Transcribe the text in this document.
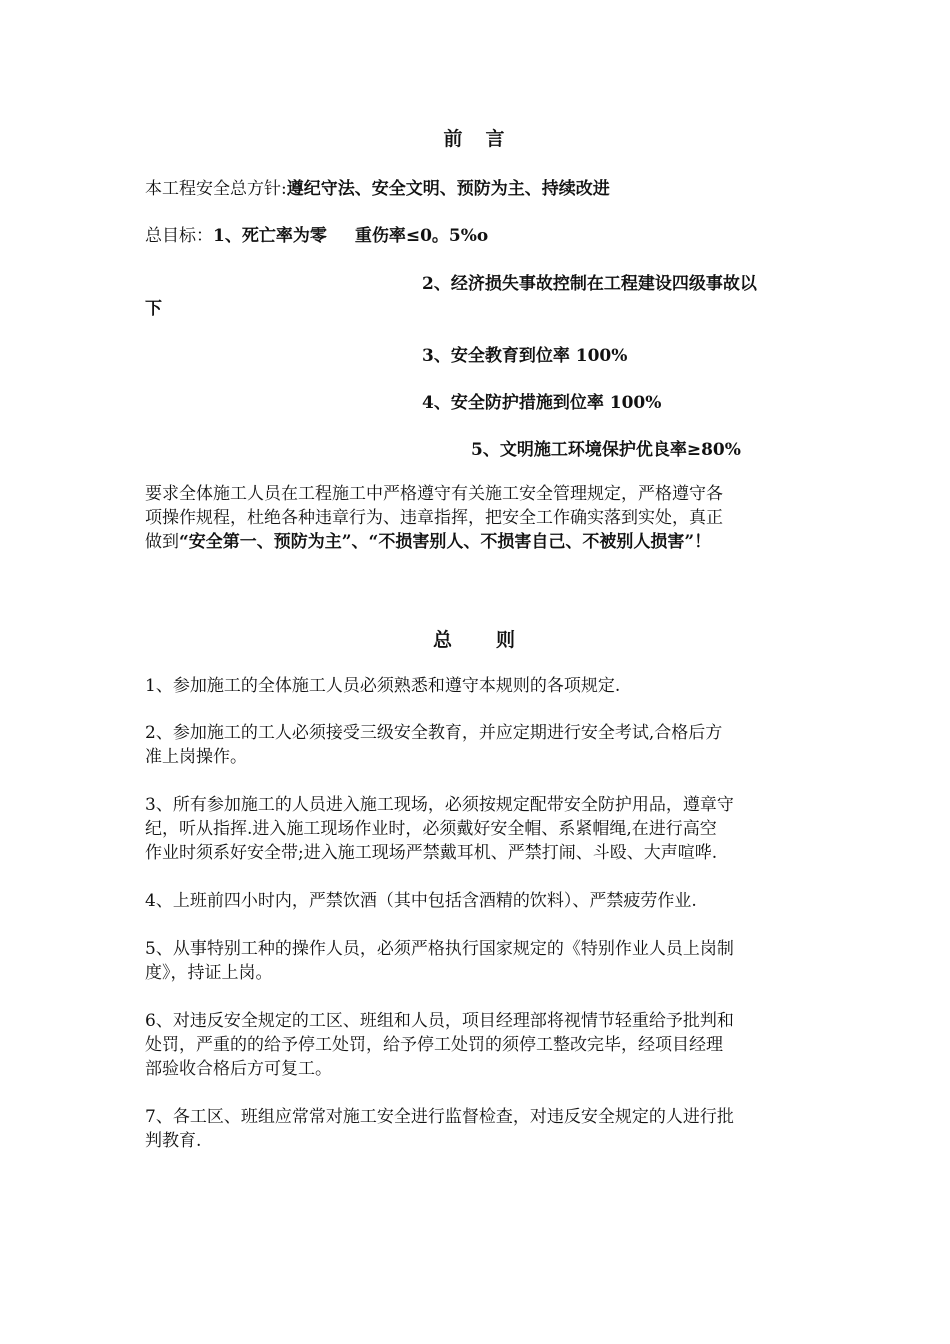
前　言
本工程安全总方针:遵纪守法、安全文明、预防为主、持续改进
总目标：1、死亡率为零 重伤率≤0。5%o
2、经济损失事故控制在工程建设四级事故以
下
3、安全教育到位率 100%
4、安全防护措施到位率 100%
5、文明施工环境保护优良率≥80%
要求全体施工人员在工程施工中严格遵守有关施工安全管理规定，严格遵守各
项操作规程，杜绝各种违章行为、违章指挥，把安全工作确实落到实处，真正
做到“安全第一、预防为主”、“不损害别人、不损害自己、不被别人损害”！
总　　则
1、参加施工的全体施工人员必须熟悉和遵守本规则的各项规定.
2、参加施工的工人必须接受三级安全教育，并应定期进行安全考试,合格后方
准上岗操作。
3、所有参加施工的人员进入施工现场，必须按规定配带安全防护用品，遵章守
纪，听从指挥.进入施工现场作业时，必须戴好安全帽、系紧帽绳,在进行高空
作业时须系好安全带;进入施工现场严禁戴耳机、严禁打闹、斗殴、大声喧哗.
4、上班前四小时内，严禁饮酒（其中包括含酒精的饮料）、严禁疲劳作业.
5、从事特别工种的操作人员，必须严格执行国家规定的《特别作业人员上岗制
度》，持证上岗。
6、对违反安全规定的工区、班组和人员，项目经理部将视情节轻重给予批判和
处罚，严重的的给予停工处罚，给予停工处罚的须停工整改完毕，经项目经理
部验收合格后方可复工。
7、各工区、班组应常常对施工安全进行监督检查，对违反安全规定的人进行批
判教育.
